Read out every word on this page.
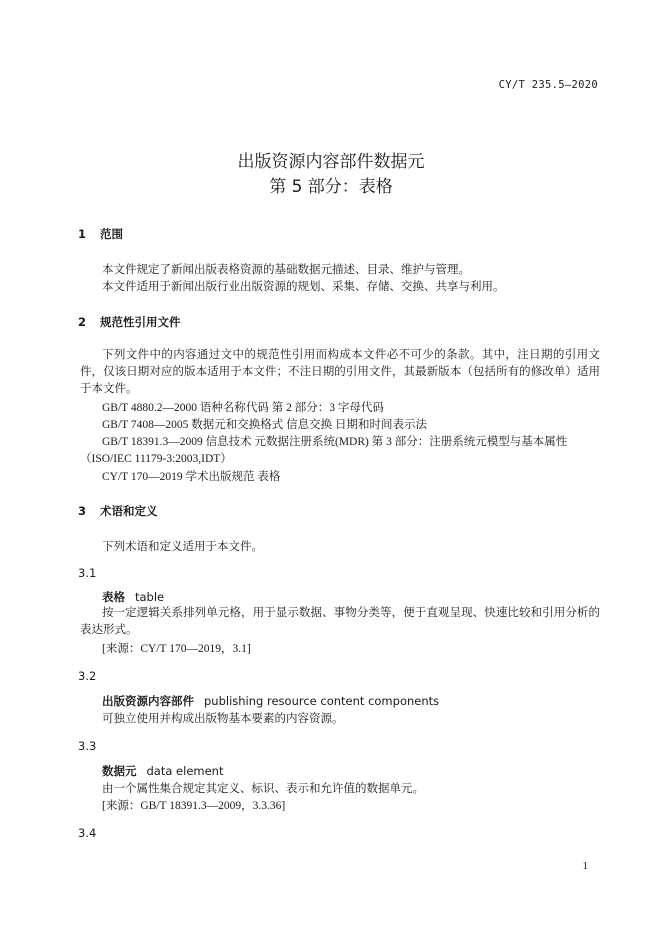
CY/T 235.5—2020
出版资源内容部件数据元
第 5 部分：表格
1 范围
本文件规定了新闻出版表格资源的基础数据元描述、目录、维护与管理。
本文件适用于新闻出版行业出版资源的规划、采集、存储、交换、共享与利用。
2 规范性引用文件
下列文件中的内容通过文中的规范性引用而构成本文件必不可少的条款。其中，注日期的引用文件，仅该日期对应的版本适用于本文件；不注日期的引用文件，其最新版本（包括所有的修改单）适用于本文件。
GB/T 4880.2—2000 语种名称代码 第 2 部分：3 字母代码
GB/T 7408—2005 数据元和交换格式 信息交换 日期和时间表示法
GB/T 18391.3—2009 信息技术 元数据注册系统(MDR) 第 3 部分：注册系统元模型与基本属性
（ISO/IEC 11179-3:2003,IDT）
CY/T 170—2019 学术出版规范 表格
3 术语和定义
下列术语和定义适用于本文件。
3.1
表格 table
按一定逻辑关系排列单元格，用于显示数据、事物分类等，便于直观呈现、快速比较和引用分析的表达形式。
[来源：CY/T 170—2019，3.1]
3.2
出版资源内容部件 publishing resource content components
可独立使用并构成出版物基本要素的内容资源。
3.3
数据元 data element
由一个属性集合规定其定义、标识、表示和允许值的数据单元。
[来源：GB/T 18391.3—2009，3.3.36]
3.4
1
